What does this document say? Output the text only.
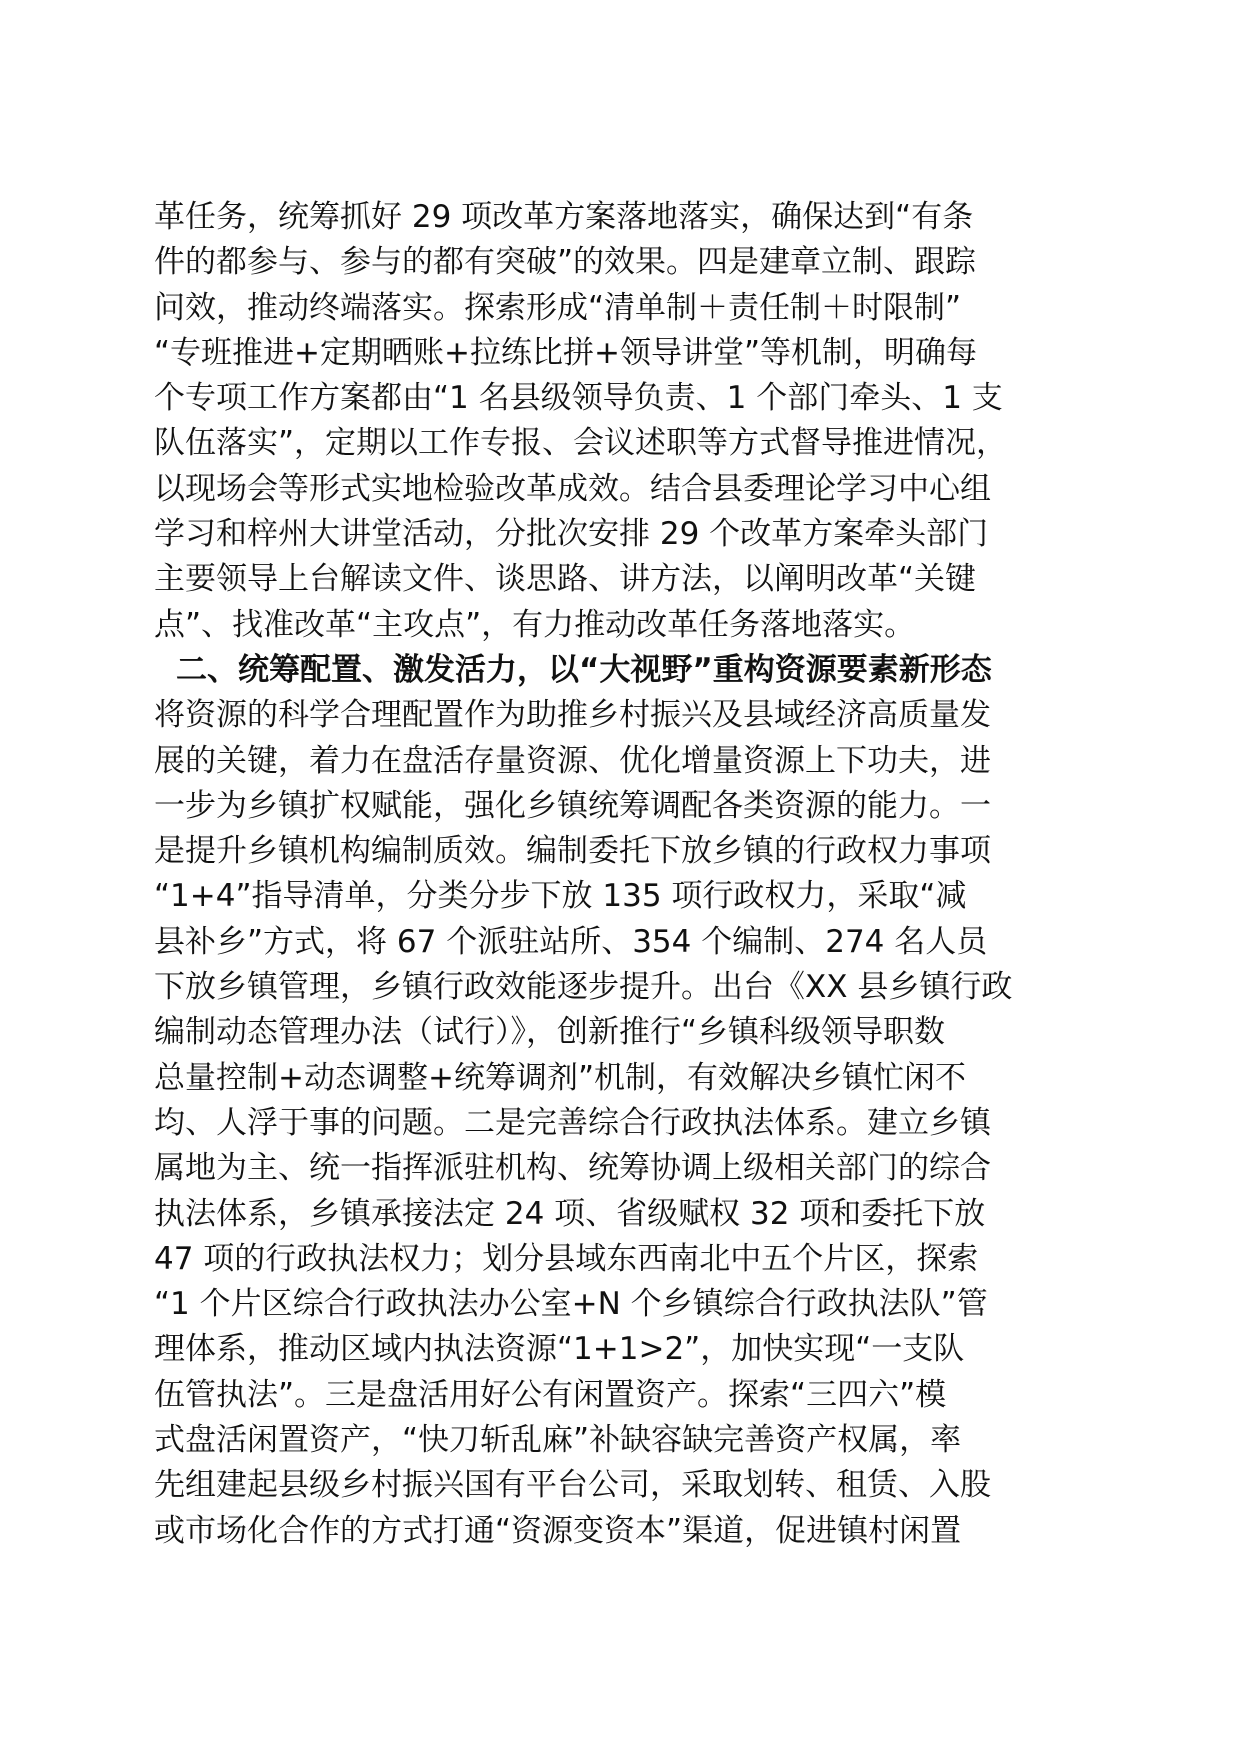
革任务，统筹抓好 29 项改革方案落地落实，确保达到“有条
件的都参与、参与的都有突破”的效果。四是建章立制、跟踪
问效，推动终端落实。探索形成“清单制＋责任制＋时限制”
“专班推进+定期晒账+拉练比拼+领导讲堂”等机制，明确每
个专项工作方案都由“1 名县级领导负责、1 个部门牵头、1 支
队伍落实”，定期以工作专报、会议述职等方式督导推进情况，
以现场会等形式实地检验改革成效。结合县委理论学习中心组
学习和梓州大讲堂活动，分批次安排 29 个改革方案牵头部门
主要领导上台解读文件、谈思路、讲方法，以阐明改革“关键
点”、找准改革“主攻点”，有力推动改革任务落地落实。
二、统筹配置、激发活力，以“大视野”重构资源要素新形态
将资源的科学合理配置作为助推乡村振兴及县域经济高质量发
展的关键，着力在盘活存量资源、优化增量资源上下功夫，进
一步为乡镇扩权赋能，强化乡镇统筹调配各类资源的能力。一
是提升乡镇机构编制质效。编制委托下放乡镇的行政权力事项
“1+4”指导清单，分类分步下放 135 项行政权力，采取“减
县补乡”方式，将 67 个派驻站所、354 个编制、274 名人员
下放乡镇管理，乡镇行政效能逐步提升。出台《XX 县乡镇行政
编制动态管理办法（试行）》，创新推行“乡镇科级领导职数
总量控制+动态调整+统筹调剂”机制，有效解决乡镇忙闲不
均、人浮于事的问题。二是完善综合行政执法体系。建立乡镇
属地为主、统一指挥派驻机构、统筹协调上级相关部门的综合
执法体系，乡镇承接法定 24 项、省级赋权 32 项和委托下放
47 项的行政执法权力；划分县域东西南北中五个片区，探索
“1 个片区综合行政执法办公室+N 个乡镇综合行政执法队”管
理体系，推动区域内执法资源“1+1>2”，加快实现“一支队
伍管执法”。三是盘活用好公有闲置资产。探索“三四六”模
式盘活闲置资产，“快刀斩乱麻”补缺容缺完善资产权属，率
先组建起县级乡村振兴国有平台公司，采取划转、租赁、入股
或市场化合作的方式打通“资源变资本”渠道，促进镇村闲置
